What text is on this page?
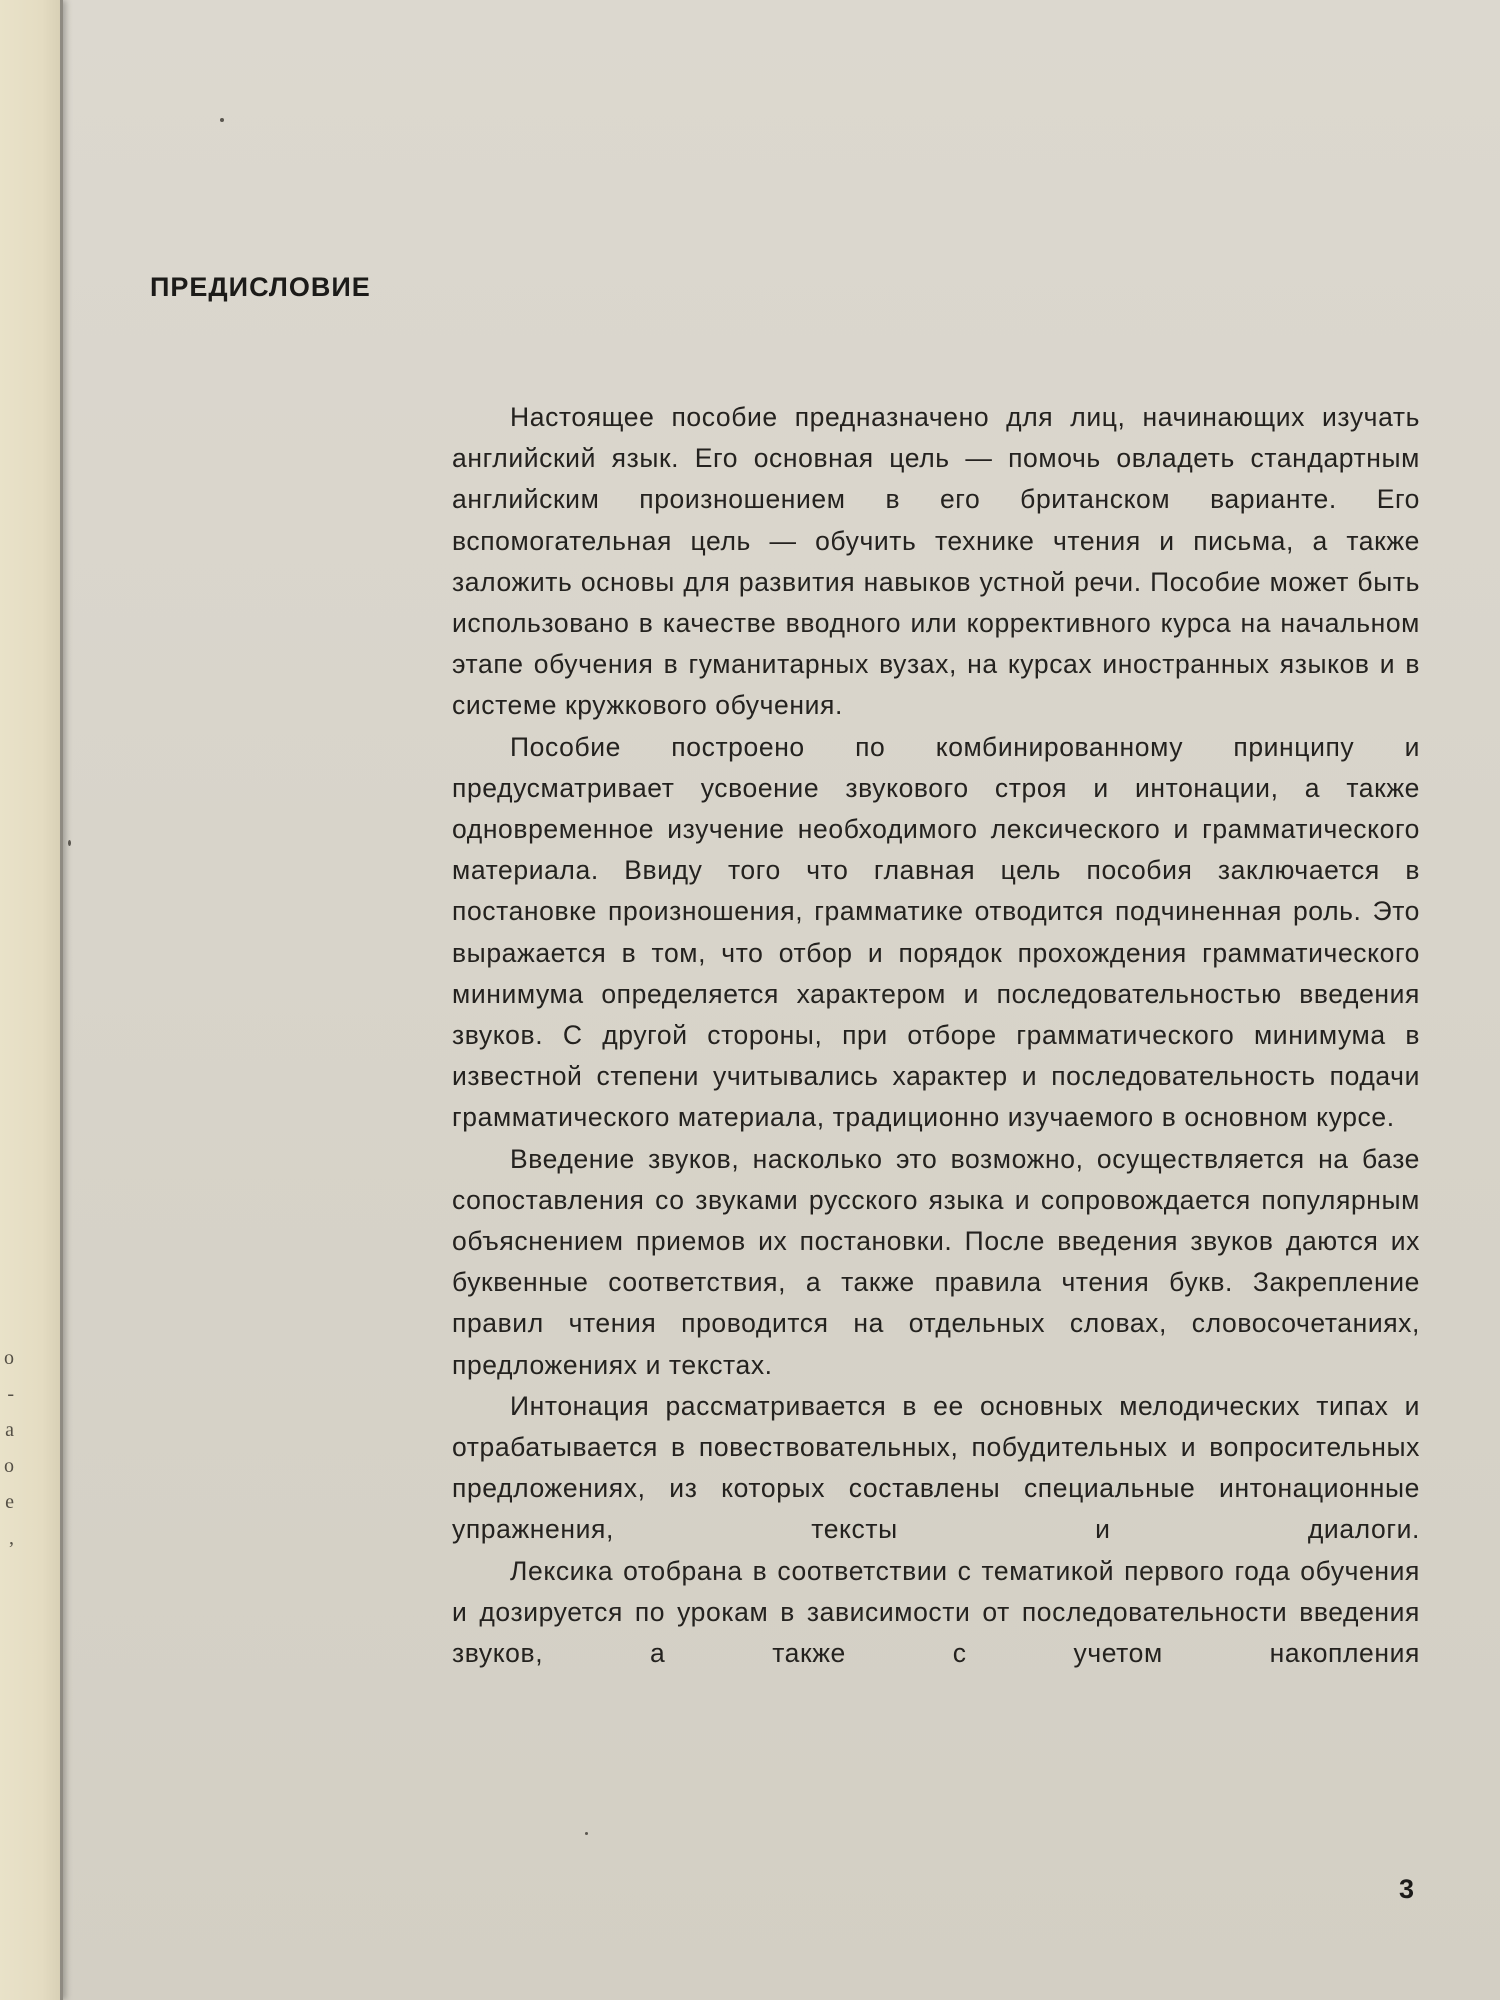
о
-
а
о
е
,
ПРЕДИСЛОВИЕ

Настоящее пособие предназначено для лиц, начинающих изучать английский язык. Его основная цель — помочь овладеть стандартным английским произношением в его британском варианте. Его вспомогательная цель — обучить технике чтения и письма, а также заложить основы для развития навыков устной речи. Пособие может быть использовано в качестве вводного или коррективного курса на начальном этапе обучения в гуманитарных вузах, на курсах иностранных языков и в системе кружкового обучения.

Пособие построено по комбинированному принципу и предусматривает усвоение звукового строя и интонации, а также одновременное изучение необходимого лексического и грамматического материала. Ввиду того что главная цель пособия заключается в постановке произношения, грамматике отводится подчиненная роль. Это выражается в том, что отбор и порядок прохождения грамматического минимума определяется характером и последовательностью введения звуков. С другой стороны, при отборе грамматического минимума в известной степени учитывались характер и последовательность подачи грамматического материала, традиционно изучаемого в основном курсе.

Введение звуков, насколько это возможно, осуществляется на базе сопоставления со звуками русского языка и сопровождается популярным объяснением приемов их постановки. После введения звуков даются их буквенные соответствия, а также правила чтения букв. Закрепление правил чтения проводится на отдельных словах, словосочетаниях, предложениях и текстах.

Интонация рассматривается в ее основных мелодических типах и отрабатывается в повествовательных, побудительных и вопросительных предложениях, из которых составлены специальные интонационные упражнения, тексты и диалоги.

Лексика отобрана в соответствии с тематикой первого года обучения и дозируется по урокам в зависимости от последовательности введения звуков, а также с учетом накопления

3
